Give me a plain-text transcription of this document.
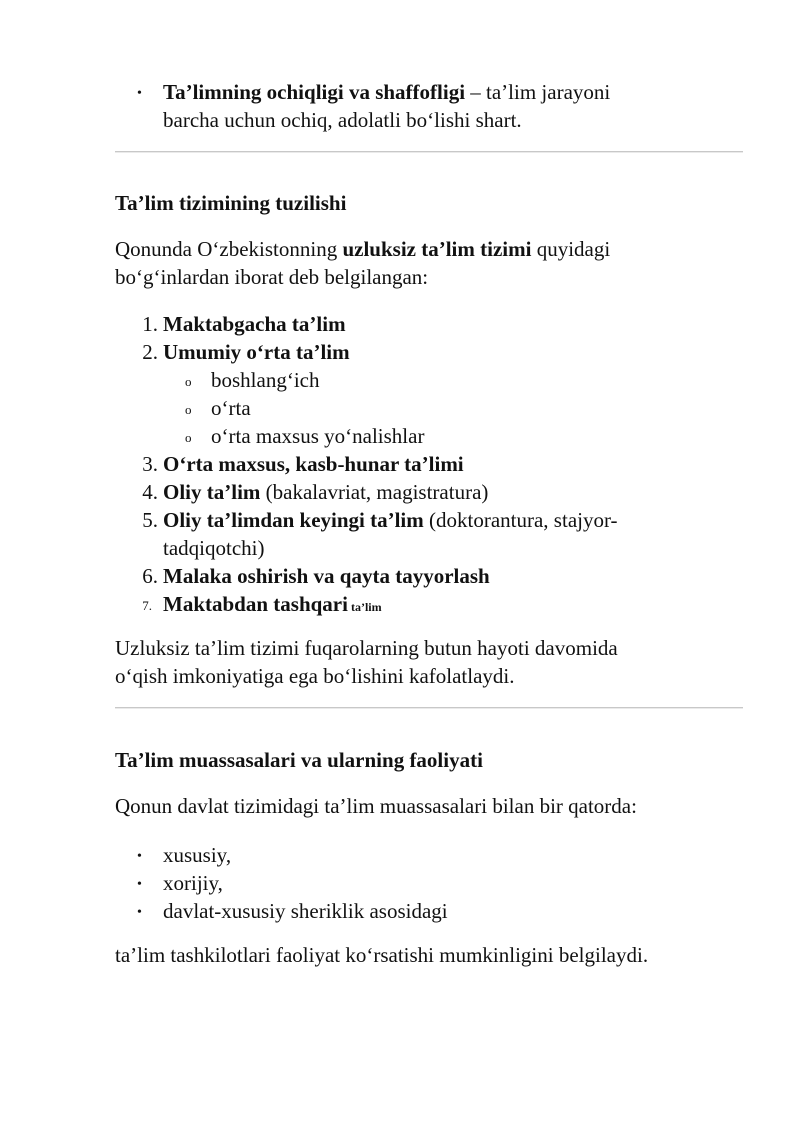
• Ta’limning ochiqligi va shaffofligi – ta’lim jarayoni
barcha uchun ochiq, adolatli bo‘lishi shart.
Ta’lim tizimining tuzilishi
Qonunda O‘zbekistonning uzluksiz ta’lim tizimi quyidagi
bo‘g‘inlardan iborat deb belgilangan:
1. Maktabgacha ta’lim
2. Umumiy o‘rta ta’lim
o boshlang‘ich
o o‘rta
o o‘rta maxsus yo‘nalishlar
3. O‘rta maxsus, kasb-hunar ta’limi
4. Oliy ta’lim (bakalavriat, magistratura)
5. Oliy ta’limdan keyingi ta’lim (doktorantura, stajyor-
tadqiqotchi)
6. Malaka oshirish va qayta tayyorlash
7. Maktabdan tashqari ta’lim
Uzluksiz ta’lim tizimi fuqarolarning butun hayoti davomida
o‘qish imkoniyatiga ega bo‘lishini kafolatlaydi.
Ta’lim muassasalari va ularning faoliyati
Qonun davlat tizimidagi ta’lim muassasalari bilan bir qatorda:
• xususiy,
• xorijiy,
• davlat-xususiy sheriklik asosidagi
ta’lim tashkilotlari faoliyat ko‘rsatishi mumkinligini belgilaydi.
